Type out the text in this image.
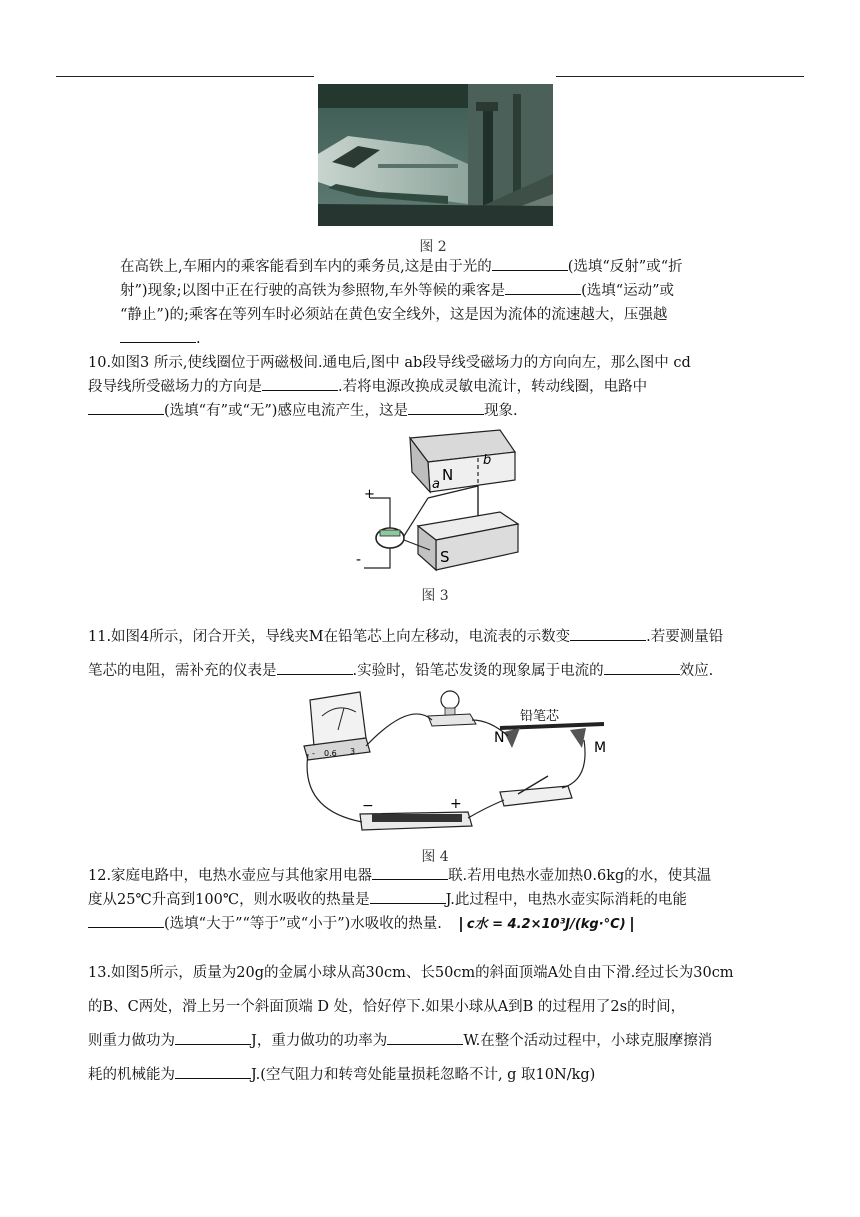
图 2
在高铁上,车厢内的乘客能看到车内的乘务员,这是由于光的	(选填“反射”或“折
射”)现象;以图中正在行驶的高铁为参照物,车外等候的乘客是	(选填“运动”或
“静止”)的;乘客在等列车时必须站在黄色安全线外，这是因为流体的流速越大，压强越
.
10.如图3 所示,使线圈位于两磁极间.通电后,图中 ab段导线受磁场力的方向向左，那么图中 cd
段导线所受磁场力的方向是	.若将电源改换成灵敏电流计，转动线圈，电路中
(选填“有”或“无”)感应电流产生，这是	现象.
N
b
a
S
+
-
图 3
11.如图4所示，闭合开关，导线夹M在铅笔芯上向左移动，电流表的示数变	.若要测量铅
笔芯的电阻，需补充的仪表是	.实验时，铅笔芯发烫的现象属于电流的	效应.
- 0.6 3
铅笔芯
N
M
−	+
图 4
12.家庭电路中，电热水壶应与其他家用电器	联.若用电热水壶加热0.6kg的水，使其温
度从25℃升高到100℃，则水吸收的热量是	J.此过程中，电热水壶实际消耗的电能
(选填“大于”“等于”或“小于”)水吸收的热量. c水 = 4.2×10³J/(kg·°C)
13.如图5所示，质量为20g的金属小球从高30cm、长50cm的斜面顶端A处自由下滑.经过长为30cm
的B、C两处，滑上另一个斜面顶端 D 处，恰好停下.如果小球从A到B 的过程用了2s的时间，
则重力做功为	J，重力做功的功率为	W.在整个活动过程中，小球克服摩擦消
耗的机械能为	J.(空气阻力和转弯处能量损耗忽略不计, g 取10N/kg)
